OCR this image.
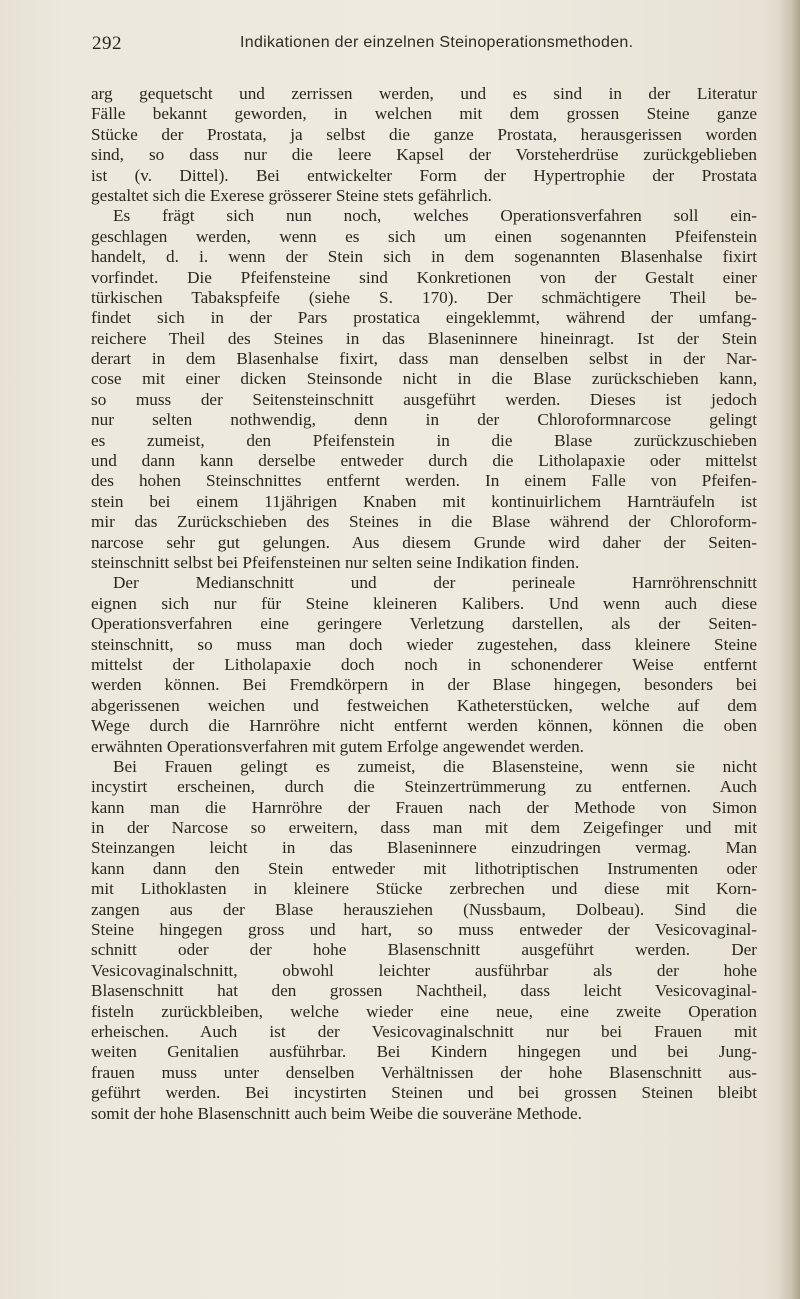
292	Indikationen der einzelnen Steinoperationsmethoden.
arg gequetscht und zerrissen werden, und es sind in der Literatur
Fälle bekannt geworden, in welchen mit dem grossen Steine ganze
Stücke der Prostata, ja selbst die ganze Prostata, herausgerissen worden
sind, so dass nur die leere Kapsel der Vorsteherdrüse zurückgeblieben
ist (v. Dittel). Bei entwickelter Form der Hypertrophie der Prostata
gestaltet sich die Exerese grösserer Steine stets gefährlich.
Es frägt sich nun noch, welches Operationsverfahren soll ein-
geschlagen werden, wenn es sich um einen sogenannten Pfeifenstein
handelt, d. i. wenn der Stein sich in dem sogenannten Blasenhalse fixirt
vorfindet. Die Pfeifensteine sind Konkretionen von der Gestalt einer
türkischen Tabakspfeife (siehe S. 170). Der schmächtigere Theil be-
findet sich in der Pars prostatica eingeklemmt, während der umfang-
reichere Theil des Steines in das Blaseninnere hineinragt. Ist der Stein
derart in dem Blasenhalse fixirt, dass man denselben selbst in der Nar-
cose mit einer dicken Steinsonde nicht in die Blase zurückschieben kann,
so muss der Seitensteinschnitt ausgeführt werden. Dieses ist jedoch
nur selten nothwendig, denn in der Chloroformnarcose gelingt
es zumeist, den Pfeifenstein in die Blase zurückzuschieben
und dann kann derselbe entweder durch die Litholapaxie oder mittelst
des hohen Steinschnittes entfernt werden. In einem Falle von Pfeifen-
stein bei einem 11jährigen Knaben mit kontinuirlichem Harnträufeln ist
mir das Zurückschieben des Steines in die Blase während der Chloroform-
narcose sehr gut gelungen. Aus diesem Grunde wird daher der Seiten-
steinschnitt selbst bei Pfeifensteinen nur selten seine Indikation finden.
Der Medianschnitt und der perineale Harnröhrenschnitt
eignen sich nur für Steine kleineren Kalibers. Und wenn auch diese
Operationsverfahren eine geringere Verletzung darstellen, als der Seiten-
steinschnitt, so muss man doch wieder zugestehen, dass kleinere Steine
mittelst der Litholapaxie doch noch in schonenderer Weise entfernt
werden können. Bei Fremdkörpern in der Blase hingegen, besonders bei
abgerissenen weichen und festweichen Katheterstücken, welche auf dem
Wege durch die Harnröhre nicht entfernt werden können, können die oben
erwähnten Operationsverfahren mit gutem Erfolge angewendet werden.
Bei Frauen gelingt es zumeist, die Blasensteine, wenn sie nicht
incystirt erscheinen, durch die Steinzertrümmerung zu entfernen. Auch
kann man die Harnröhre der Frauen nach der Methode von Simon
in der Narcose so erweitern, dass man mit dem Zeigefinger und mit
Steinzangen leicht in das Blaseninnere einzudringen vermag. Man
kann dann den Stein entweder mit lithotriptischen Instrumenten oder
mit Lithoklasten in kleinere Stücke zerbrechen und diese mit Korn-
zangen aus der Blase herausziehen (Nussbaum, Dolbeau). Sind die
Steine hingegen gross und hart, so muss entweder der Vesicovaginal-
schnitt oder der hohe Blasenschnitt ausgeführt werden. Der
Vesicovaginalschnitt, obwohl leichter ausführbar als der hohe
Blasenschnitt hat den grossen Nachtheil, dass leicht Vesicovaginal-
fisteln zurückbleiben, welche wieder eine neue, eine zweite Operation
erheischen. Auch ist der Vesicovaginalschnitt nur bei Frauen mit
weiten Genitalien ausführbar. Bei Kindern hingegen und bei Jung-
frauen muss unter denselben Verhältnissen der hohe Blasenschnitt aus-
geführt werden. Bei incystirten Steinen und bei grossen Steinen bleibt
somit der hohe Blasenschnitt auch beim Weibe die souveräne Methode.
